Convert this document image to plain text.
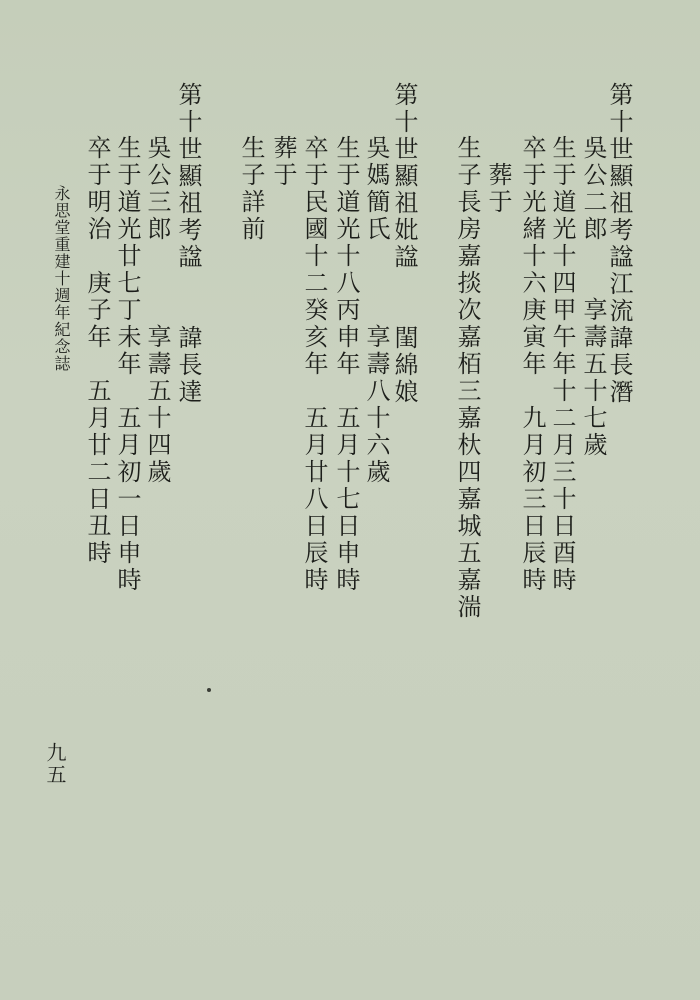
第十世顯祖考諡江流諱長潛
吳公二郎　　享壽五十七歲
生于道光十四甲午年十二月三十日酉時
卒于光緒十六庚寅年　九月初三日辰時
　葬于
生子長房嘉掞次嘉栢三嘉杕四嘉城五嘉湍
第十世顯祖妣諡　　閨綿娘
吳媽簡氏　　　享壽八十六歲
生于道光十八丙申年　五月十七日申時
卒于民國十二癸亥年　五月廿八日辰時
葬于
生子詳前
第十世顯祖考諡　　諱長達
吳公三郎　　　享壽五十四歲
生于道光廿七丁未年　五月初一日申時
卒于明治　庚子年　五月廿二日丑時
永思堂重建十週年紀念誌
九五
